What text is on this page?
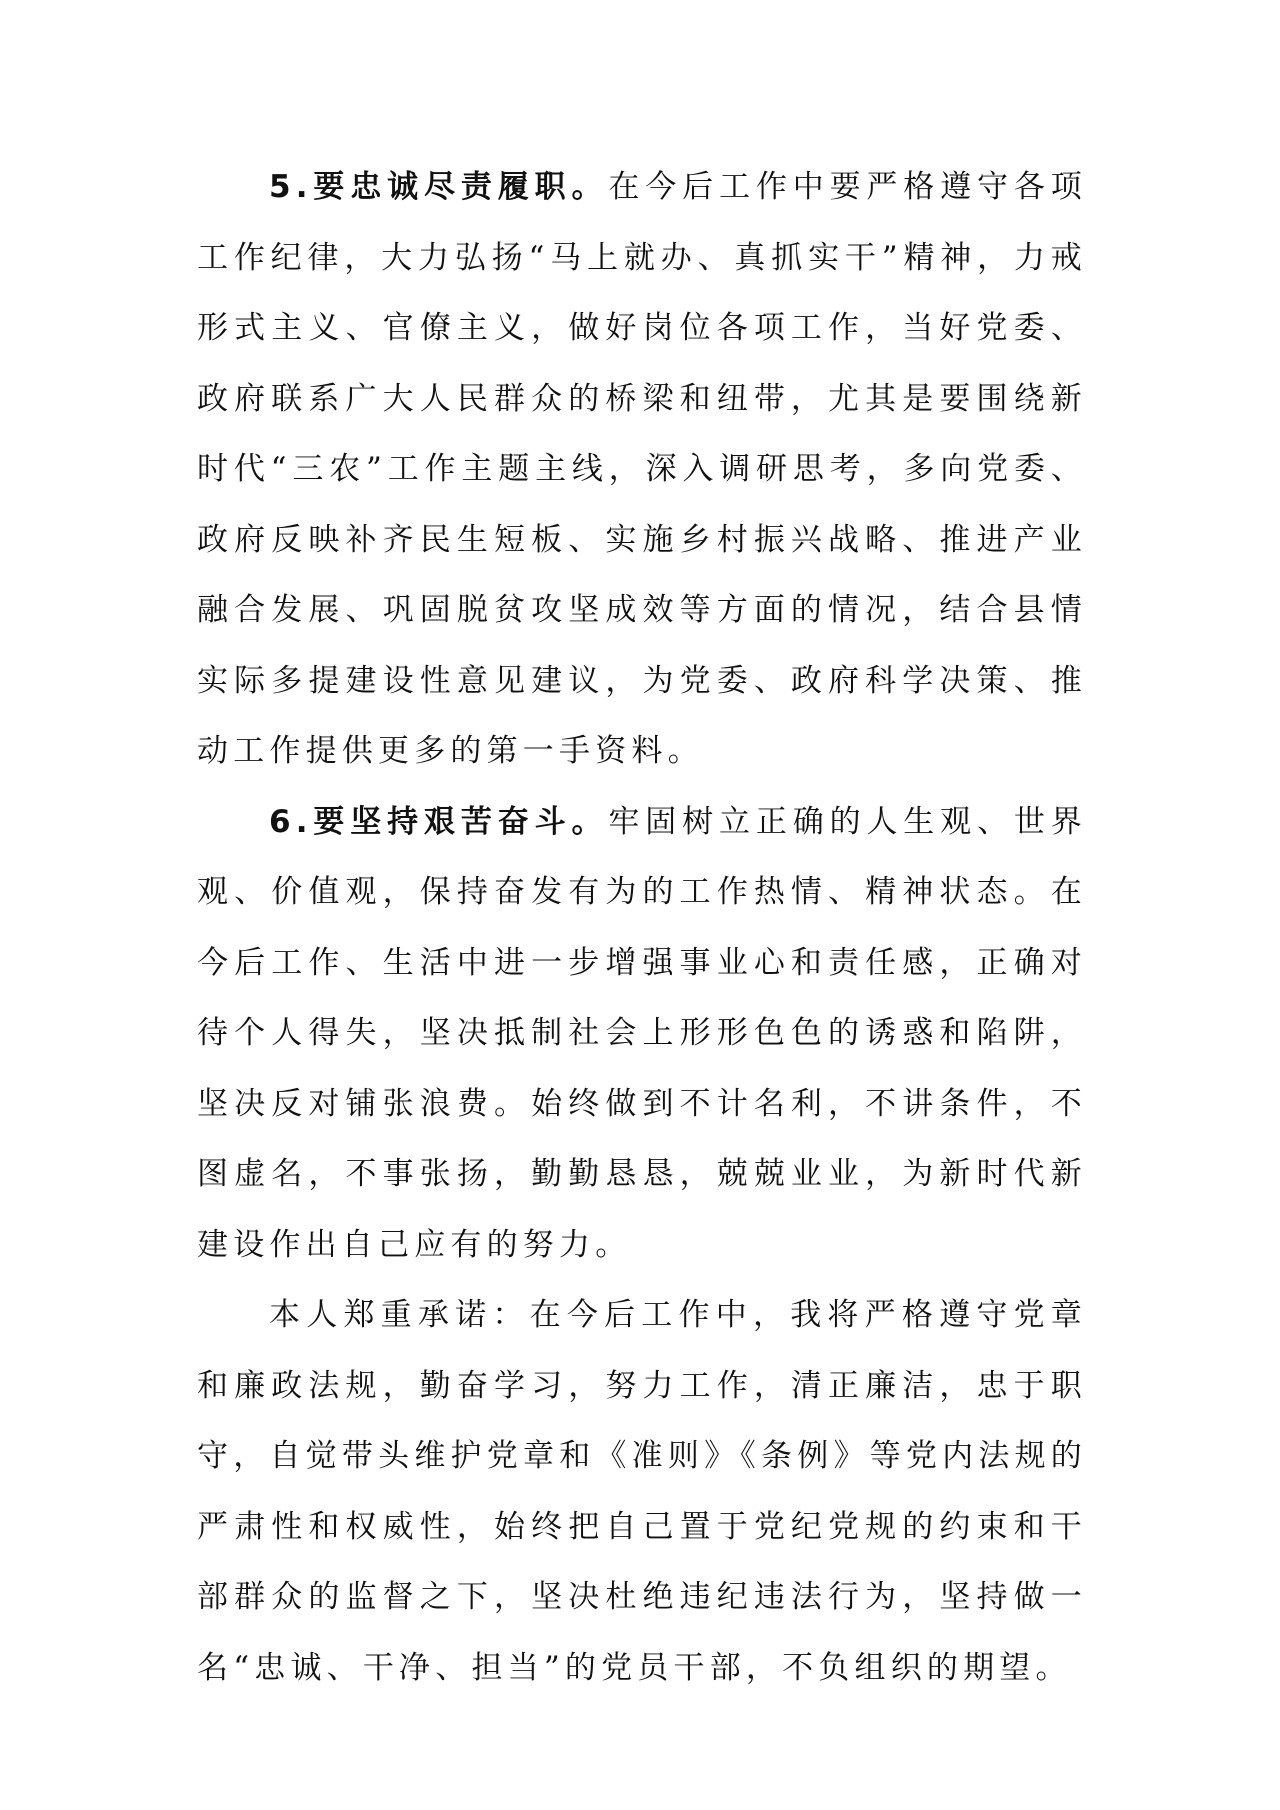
5.要忠诚尽责履职。在今后工作中要严格遵守各项工作纪律，大力弘扬“马上就办、真抓实干”精神，力戒形式主义、官僚主义，做好岗位各项工作，当好党委、政府联系广大人民群众的桥梁和纽带，尤其是要围绕新时代“三农”工作主题主线，深入调研思考，多向党委、政府反映补齐民生短板、实施乡村振兴战略、推进产业融合发展、巩固脱贫攻坚成效等方面的情况，结合县情实际多提建设性意见建议，为党委、政府科学决策、推动工作提供更多的第一手资料。

6.要坚持艰苦奋斗。牢固树立正确的人生观、世界观、价值观，保持奋发有为的工作热情、精神状态。在今后工作、生活中进一步增强事业心和责任感，正确对待个人得失，坚决抵制社会上形形色色的诱惑和陷阱，坚决反对铺张浪费。始终做到不计名利，不讲条件，不图虚名，不事张扬，勤勤恳恳，兢兢业业，为新时代新建设作出自己应有的努力。

本人郑重承诺：在今后工作中，我将严格遵守党章和廉政法规，勤奋学习，努力工作，清正廉洁，忠于职守，自觉带头维护党章和《准则》《条例》等党内法规的严肃性和权威性，始终把自己置于党纪党规的约束和干部群众的监督之下，坚决杜绝违纪违法行为，坚持做一名“忠诚、干净、担当”的党员干部，不负组织的期望。
